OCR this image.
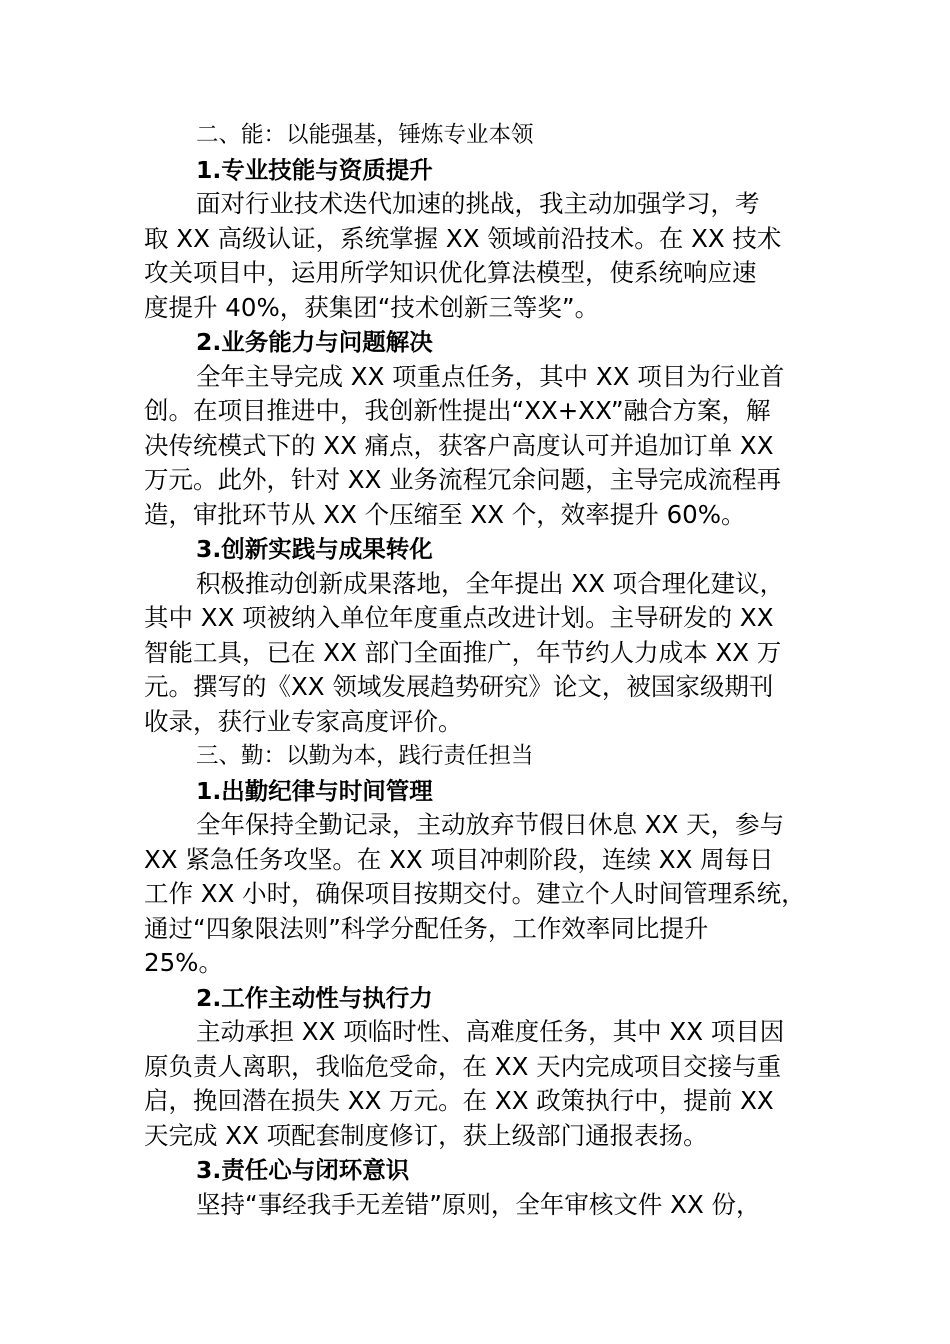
二、能：以能强基，锤炼专业本领
1.专业技能与资质提升
面对行业技术迭代加速的挑战，我主动加强学习，考
取 XX 高级认证，系统掌握 XX 领域前沿技术。在 XX 技术
攻关项目中，运用所学知识优化算法模型，使系统响应速
度提升 40%，获集团“技术创新三等奖”。
2.业务能力与问题解决
全年主导完成 XX 项重点任务，其中 XX 项目为行业首
创。在项目推进中，我创新性提出“XX+XX”融合方案，解
决传统模式下的 XX 痛点，获客户高度认可并追加订单 XX
万元。此外，针对 XX 业务流程冗余问题，主导完成流程再
造，审批环节从 XX 个压缩至 XX 个，效率提升 60%。
3.创新实践与成果转化
积极推动创新成果落地，全年提出 XX 项合理化建议，
其中 XX 项被纳入单位年度重点改进计划。主导研发的 XX
智能工具，已在 XX 部门全面推广，年节约人力成本 XX 万
元。撰写的《XX 领域发展趋势研究》论文，被国家级期刊
收录，获行业专家高度评价。
三、勤：以勤为本，践行责任担当
1.出勤纪律与时间管理
全年保持全勤记录，主动放弃节假日休息 XX 天，参与
XX 紧急任务攻坚。在 XX 项目冲刺阶段，连续 XX 周每日
工作 XX 小时，确保项目按期交付。建立个人时间管理系统，
通过“四象限法则”科学分配任务，工作效率同比提升
25%。
2.工作主动性与执行力
主动承担 XX 项临时性、高难度任务，其中 XX 项目因
原负责人离职，我临危受命，在 XX 天内完成项目交接与重
启，挽回潜在损失 XX 万元。在 XX 政策执行中，提前 XX
天完成 XX 项配套制度修订，获上级部门通报表扬。
3.责任心与闭环意识
坚持“事经我手无差错”原则，全年审核文件 XX 份，
